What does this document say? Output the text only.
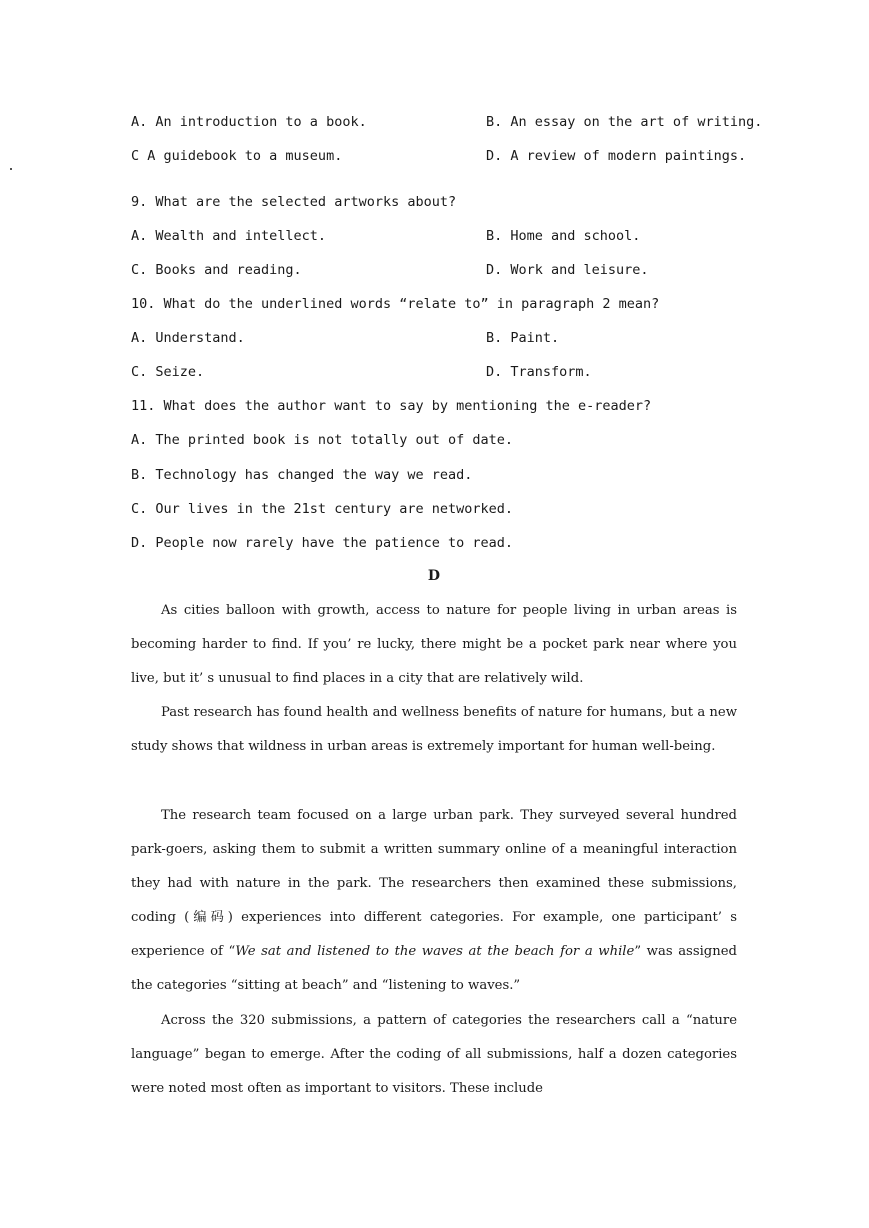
A. An introduction to a book.	B. An essay on the art of writing.
C A guidebook to a museum.	D. A review of modern paintings.
9. What are the selected artworks about?
A. Wealth and intellect.	B. Home and school.
C. Books and reading.	D. Work and leisure.
10. What do the underlined words “relate to” in paragraph 2 mean?
A. Understand.	B. Paint.
C. Seize.	D. Transform.
11. What does the author want to say by mentioning the e-reader?
A. The printed book is not totally out of date.
B. Technology has changed the way we read.
C. Our lives in the 21st century are networked.
D. People now rarely have the patience to read.
D
As cities balloon with growth, access to nature for people living in urban areas is becoming harder to find. If you’ re lucky, there might be a pocket park near where you live, but it’ s unusual to find places in a city that are relatively wild.
Past research has found health and wellness benefits of nature for humans, but a new study shows that wildness in urban areas is extremely important for human well-being.
The research team focused on a large urban park. They surveyed several hundred park-goers, asking them to submit a written summary online of a meaningful interaction they had with nature in the park. The researchers then examined these submissions, coding (编码) experiences into different categories. For example, one participant’ s experience of “We sat and listened to the waves at the beach for a while” was assigned the categories “sitting at beach” and “listening to waves.”
Across the 320 submissions, a pattern of categories the researchers call a “nature language” began to emerge. After the coding of all submissions, half a dozen categories were noted most often as important to visitors. These include
